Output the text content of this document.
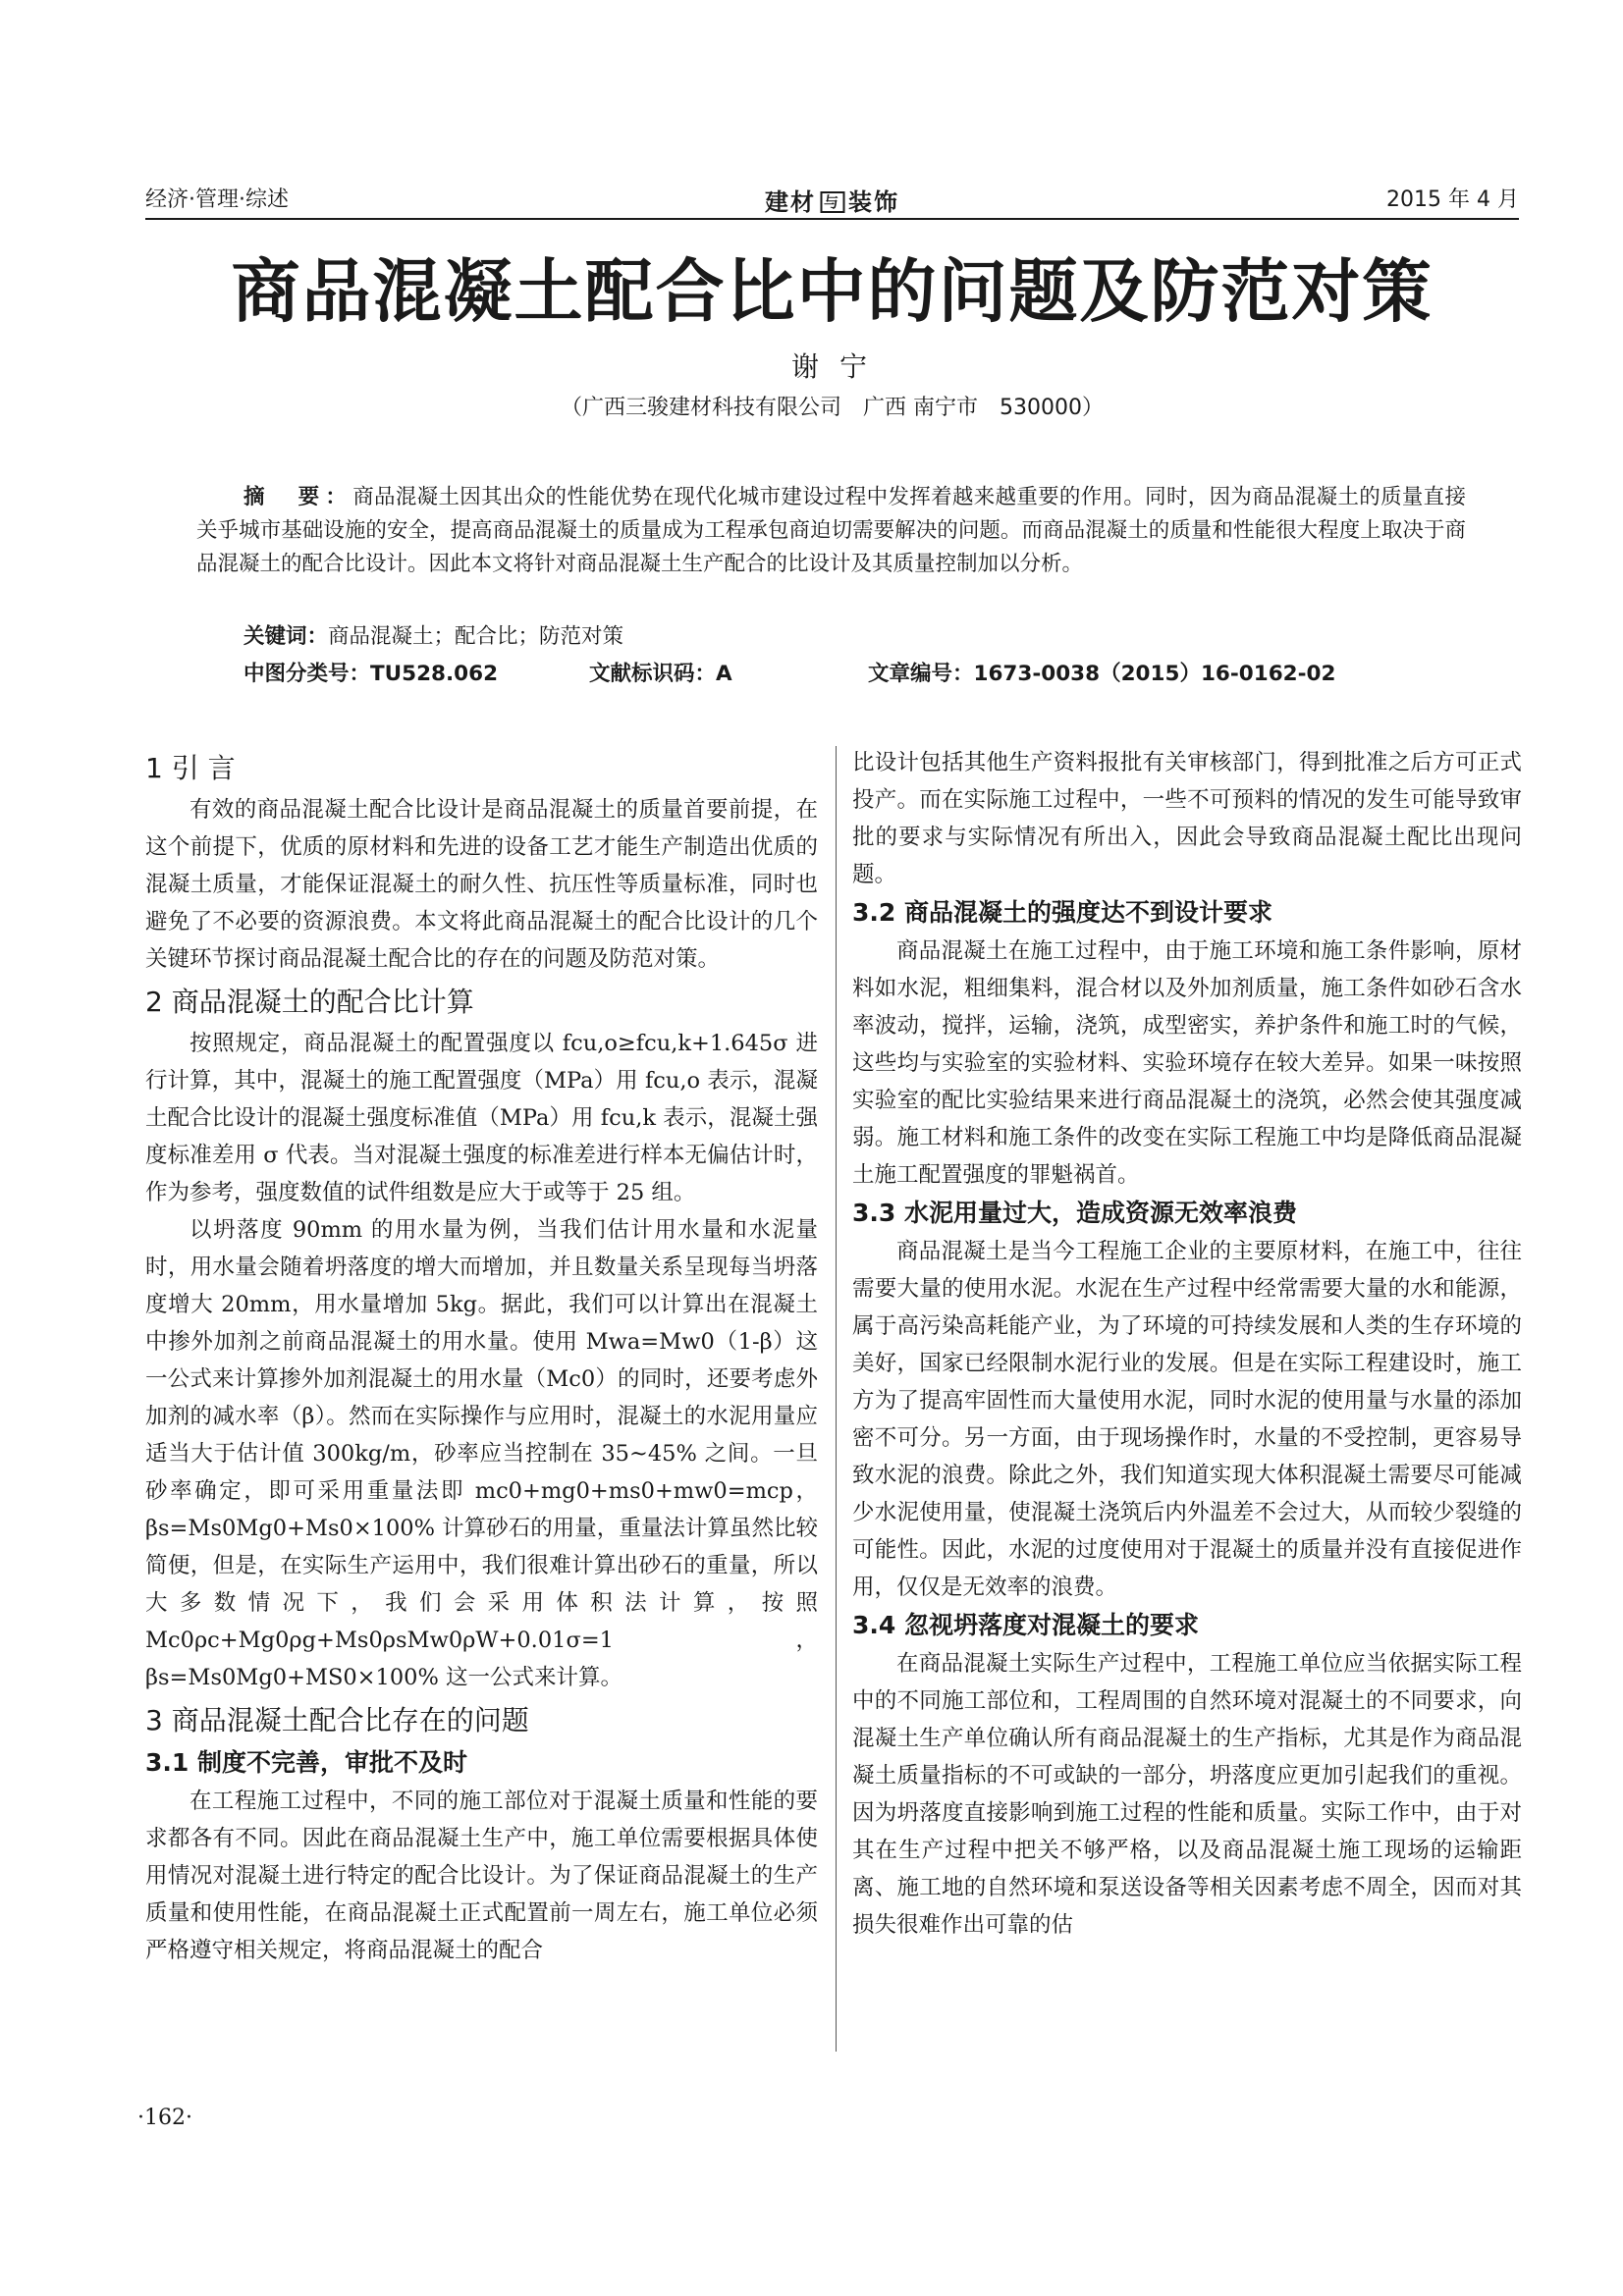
经济·管理·综述	建材 与 装饰	2015 年 4 月
商品混凝土配合比中的问题及防范对策
谢 宁
（广西三骏建材科技有限公司　广西 南宁市　530000）
摘　要：商品混凝土因其出众的性能优势在现代化城市建设过程中发挥着越来越重要的作用。同时，因为商品混凝土的质量直接关乎城市基础设施的安全，提高商品混凝土的质量成为工程承包商迫切需要解决的问题。而商品混凝土的质量和性能很大程度上取决于商品混凝土的配合比设计。因此本文将针对商品混凝土生产配合的比设计及其质量控制加以分析。
关键词：商品混凝土；配合比；防范对策
中图分类号：TU528.062	文献标识码：A	文章编号：1673-0038（2015）16-0162-02
1 引 言

有效的商品混凝土配合比设计是商品混凝土的质量首要前提，在这个前提下，优质的原材料和先进的设备工艺才能生产制造出优质的混凝土质量，才能保证混凝土的耐久性、抗压性等质量标准，同时也避免了不必要的资源浪费。本文将此商品混凝土的配合比设计的几个关键环节探讨商品混凝土配合比的存在的问题及防范对策。

2 商品混凝土的配合比计算

按照规定，商品混凝土的配置强度以 fcu,o≥fcu,k+1.645σ 进行计算，其中，混凝土的施工配置强度（MPa）用 fcu,o 表示，混凝土配合比设计的混凝土强度标准值（MPa）用 fcu,k 表示，混凝土强度标准差用 σ 代表。当对混凝土强度的标准差进行样本无偏估计时，作为参考，强度数值的试件组数是应大于或等于 25 组。

以坍落度 90mm 的用水量为例，当我们估计用水量和水泥量时，用水量会随着坍落度的增大而增加，并且数量关系呈现每当坍落度增大 20mm，用水量增加 5kg。据此，我们可以计算出在混凝土中掺外加剂之前商品混凝土的用水量。使用 Mwa=Mw0（1-β）这一公式来计算掺外加剂混凝土的用水量（Mc0）的同时，还要考虑外加剂的减水率（β）。然而在实际操作与应用时，混凝土的水泥用量应适当大于估计值 300kg/m，砂率应当控制在 35~45% 之间。一旦砂率确定，即可采用重量法即 mc0+mg0+ms0+mw0=mcp，βs=Ms0Mg0+Ms0×100% 计算砂石的用量，重量法计算虽然比较简便，但是，在实际生产运用中，我们很难计算出砂石的重量，所以大多数情况下，我们会采用体积法计算，按照 Mc0ρc+Mg0ρg+Ms0ρsMw0ρW+0.01σ=1，βs=Ms0Mg0+MS0×100% 这一公式来计算。

3 商品混凝土配合比存在的问题
3.1 制度不完善，审批不及时

在工程施工过程中，不同的施工部位对于混凝土质量和性能的要求都各有不同。因此在商品混凝土生产中，施工单位需要根据具体使用情况对混凝土进行特定的配合比设计。为了保证商品混凝土的生产质量和使用性能，在商品混凝土正式配置前一周左右，施工单位必须严格遵守相关规定，将商品混凝土的配合

比设计包括其他生产资料报批有关审核部门，得到批准之后方可正式投产。而在实际施工过程中，一些不可预料的情况的发生可能导致审批的要求与实际情况有所出入，因此会导致商品混凝土配比出现问题。

3.2 商品混凝土的强度达不到设计要求

商品混凝土在施工过程中，由于施工环境和施工条件影响，原材料如水泥，粗细集料，混合材以及外加剂质量，施工条件如砂石含水率波动，搅拌，运输，浇筑，成型密实，养护条件和施工时的气候，这些均与实验室的实验材料、实验环境存在较大差异。如果一味按照实验室的配比实验结果来进行商品混凝土的浇筑，必然会使其强度减弱。施工材料和施工条件的改变在实际工程施工中均是降低商品混凝土施工配置强度的罪魁祸首。

3.3 水泥用量过大，造成资源无效率浪费

商品混凝土是当今工程施工企业的主要原材料，在施工中，往往需要大量的使用水泥。水泥在生产过程中经常需要大量的水和能源，属于高污染高耗能产业，为了环境的可持续发展和人类的生存环境的美好，国家已经限制水泥行业的发展。但是在实际工程建设时，施工方为了提高牢固性而大量使用水泥，同时水泥的使用量与水量的添加密不可分。另一方面，由于现场操作时，水量的不受控制，更容易导致水泥的浪费。除此之外，我们知道实现大体积混凝土需要尽可能减少水泥使用量，使混凝土浇筑后内外温差不会过大，从而较少裂缝的可能性。因此，水泥的过度使用对于混凝土的质量并没有直接促进作用，仅仅是无效率的浪费。

3.4 忽视坍落度对混凝土的要求

在商品混凝土实际生产过程中，工程施工单位应当依据实际工程中的不同施工部位和，工程周围的自然环境对混凝土的不同要求，向混凝土生产单位确认所有商品混凝土的生产指标，尤其是作为商品混凝土质量指标的不可或缺的一部分，坍落度应更加引起我们的重视。因为坍落度直接影响到施工过程的性能和质量。实际工作中，由于对其在生产过程中把关不够严格，以及商品混凝土施工现场的运输距离、施工地的自然环境和泵送设备等相关因素考虑不周全，因而对其损失很难作出可靠的估

·162·
